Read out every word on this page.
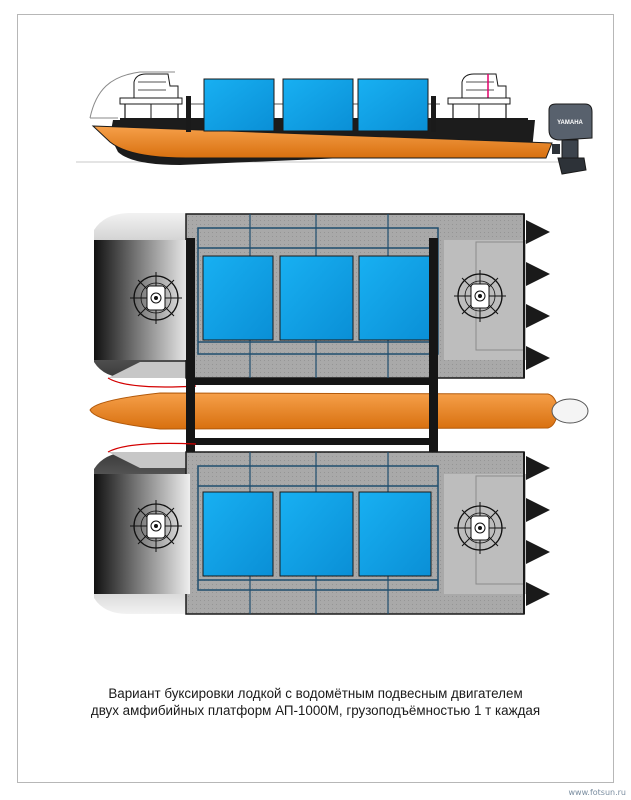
YAMAHA
Вариант буксировки лодкой с водомётным подвесным двигателем
двух амфибийных платформ АП-1000М, грузоподъёмностью 1 т каждая
www.fotsun.ru
